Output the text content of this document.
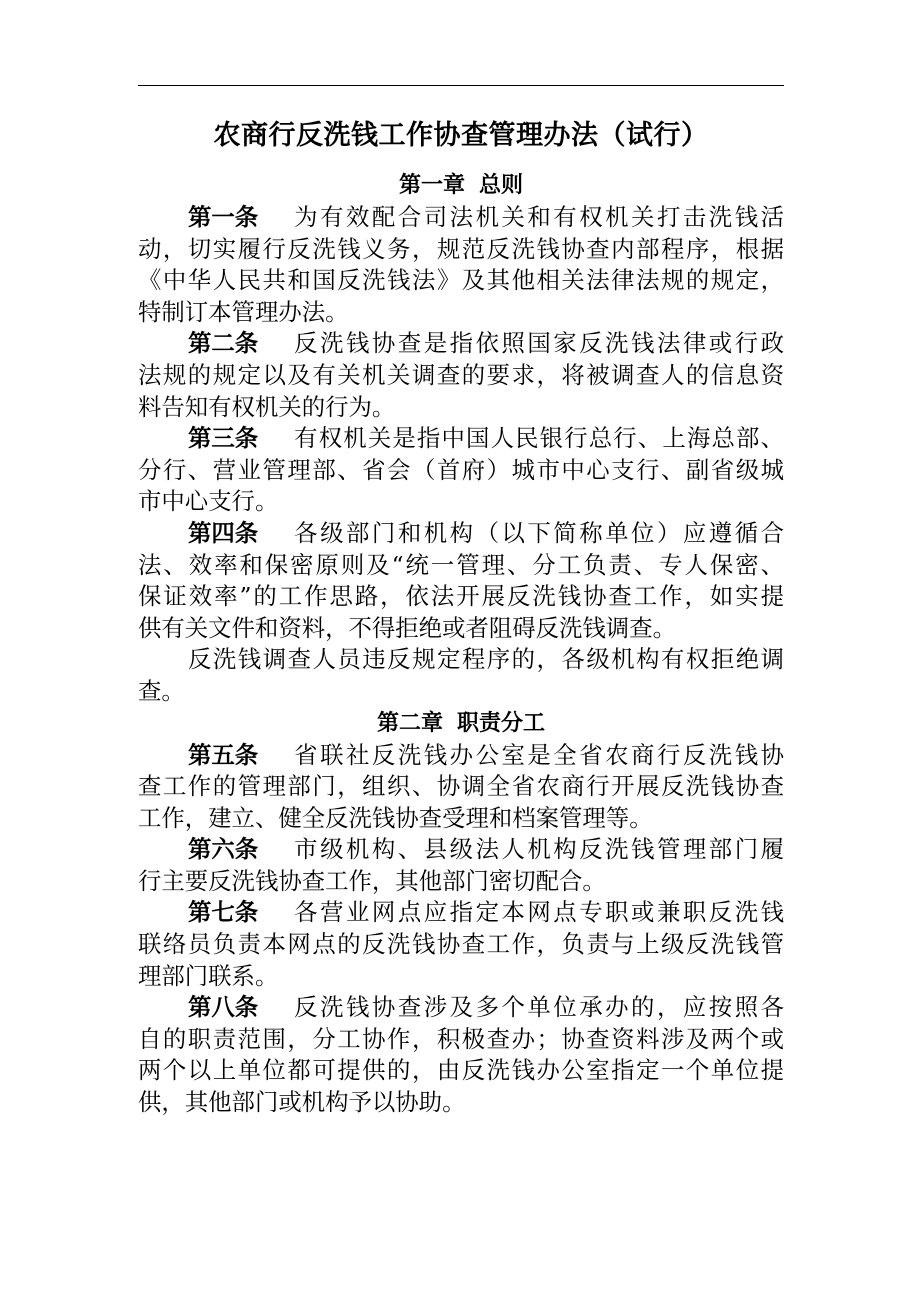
农商行反洗钱工作协查管理办法（试行）
第一章 总则
第一条 为有效配合司法机关和有权机关打击洗钱活
动，切实履行反洗钱义务，规范反洗钱协查内部程序，根据
《中华人民共和国反洗钱法》及其他相关法律法规的规定，
特制订本管理办法。
第二条 反洗钱协查是指依照国家反洗钱法律或行政
法规的规定以及有关机关调查的要求，将被调查人的信息资
料告知有权机关的行为。
第三条 有权机关是指中国人民银行总行、上海总部、
分行、营业管理部、省会（首府）城市中心支行、副省级城
市中心支行。
第四条 各级部门和机构（以下简称单位）应遵循合
法、效率和保密原则及“统一管理、分工负责、专人保密、
保证效率”的工作思路，依法开展反洗钱协查工作，如实提
供有关文件和资料，不得拒绝或者阻碍反洗钱调查。
反洗钱调查人员违反规定程序的，各级机构有权拒绝调
查。
第二章 职责分工
第五条 省联社反洗钱办公室是全省农商行反洗钱协
查工作的管理部门，组织、协调全省农商行开展反洗钱协查
工作，建立、健全反洗钱协查受理和档案管理等。
第六条 市级机构、县级法人机构反洗钱管理部门履
行主要反洗钱协查工作，其他部门密切配合。
第七条 各营业网点应指定本网点专职或兼职反洗钱
联络员负责本网点的反洗钱协查工作，负责与上级反洗钱管
理部门联系。
第八条 反洗钱协查涉及多个单位承办的，应按照各
自的职责范围，分工协作，积极查办；协查资料涉及两个或
两个以上单位都可提供的，由反洗钱办公室指定一个单位提
供，其他部门或机构予以协助。
